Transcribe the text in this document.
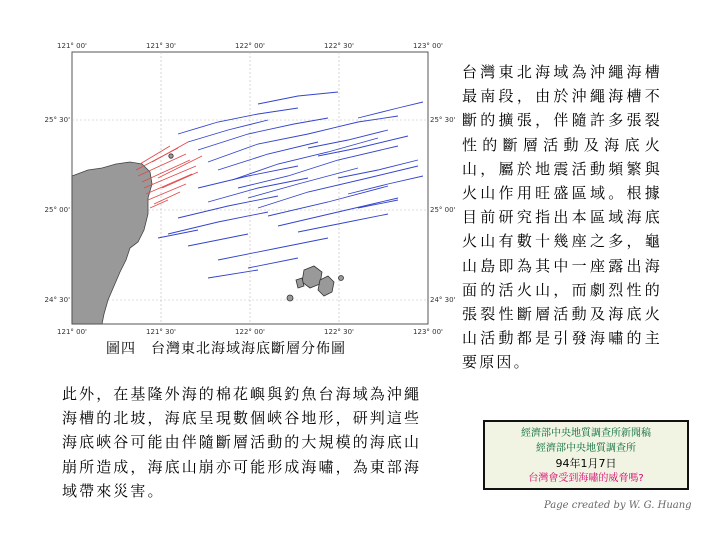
121° 00'	121° 30'	122° 00'	122° 30'	123° 00'
121° 00'	121° 30'	122° 00'	122° 30'	123° 00'
25° 30'
25° 00'
24° 30'
25° 30'
25° 00'
24° 30'
圖四　台灣東北海域海底斷層分佈圖
台灣東北海域為沖繩海槽最南段，由於沖繩海槽不斷的擴張，伴隨許多張裂性的斷層活動及海底火山，屬於地震活動頻繁與火山作用旺盛區域。根據目前研究指出本區域海底火山有數十幾座之多，龜山島即為其中一座露出海面的活火山，而劇烈性的張裂性斷層活動及海底火山活動都是引發海嘯的主要原因。
此外，在基隆外海的棉花嶼與釣魚台海域為沖繩海槽的北坡，海底呈現數個峽谷地形，研判這些海底峽谷可能由伴隨斷層活動的大規模的海底山崩所造成，海底山崩亦可能形成海嘯，為東部海域帶來災害。
經濟部中央地質調查所新聞稿
經濟部中央地質調查所
94年1月7日
台灣會受到海嘯的威脅嗎?
Page created by W. G. Huang
